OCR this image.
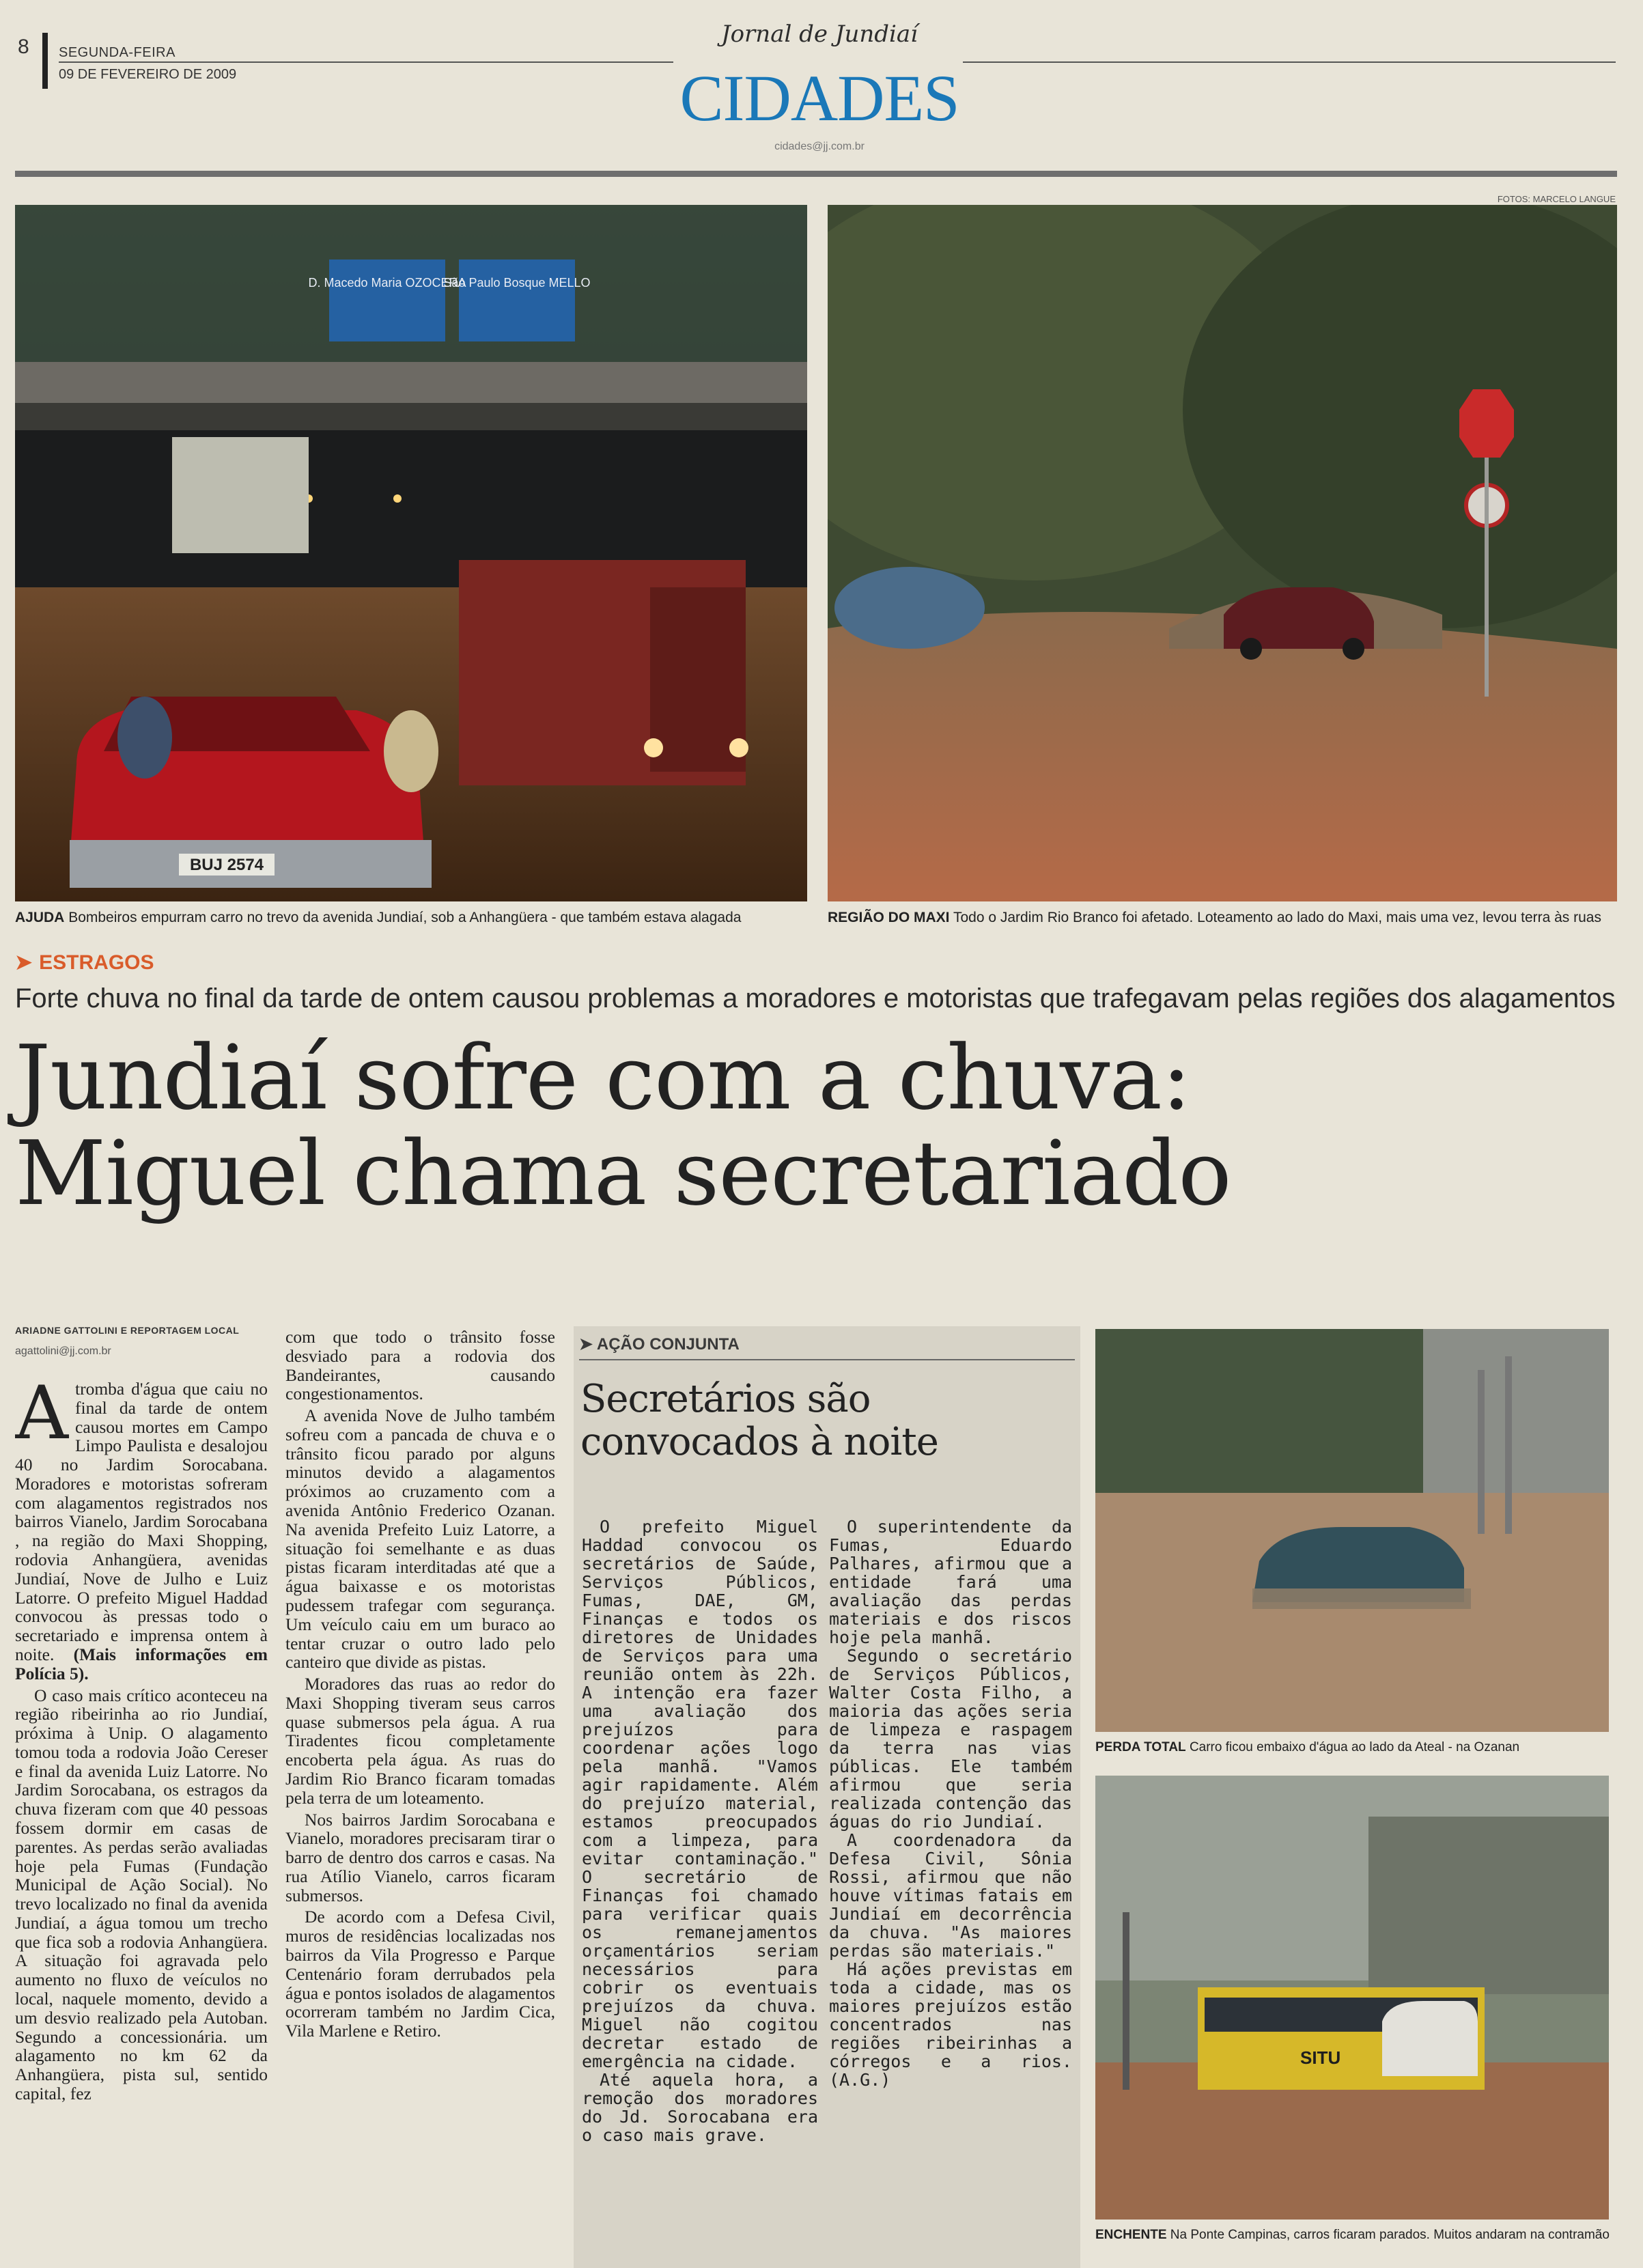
8 SEGUNDA-FEIRA
09 DE FEVEREIRO DE 2009
Jornal de Jundiaí
CIDADES
cidades@jj.com.br
FOTOS: MARCELO LANGUE
D. Macedo Maria OZOCERA
São Paulo Bosque MELLO
BUJ 2574
AJUDA Bombeiros empurram carro no trevo da avenida Jundiaí, sob a Anhangüera - que também estava alagada	REGIÃO DO MAXI Todo o Jardim Rio Branco foi afetado. Loteamento ao lado do Maxi, mais uma vez, levou terra às ruas
➤ ESTRAGOS
Forte chuva no final da tarde de ontem causou problemas a moradores e motoristas que trafegavam pelas regiões dos alagamentos
Jundiaí sofre com a chuva:
Miguel chama secretariado
ARIADNE GATTOLINI E REPORTAGEM LOCAL
agattolini@jj.com.br

Atromba d'água que caiu no final da tarde de ontem causou mortes em Campo Limpo Paulista e desalojou 40 no Jardim Sorocabana. Moradores e motoristas sofreram com alagamentos registrados nos bairros Vianelo, Jardim Sorocabana , na região do Maxi Shopping, rodovia Anhangüera, avenidas Jundiaí, Nove de Julho e Luiz Latorre. O prefeito Miguel Haddad convocou às pressas todo o secretariado e imprensa ontem à noite. (Mais informações em Polícia 5).

O caso mais crítico aconteceu na região ribeirinha ao rio Jundiaí, próxima à Unip. O alagamento tomou toda a rodovia João Cereser e final da avenida Luiz Latorre. No Jardim Sorocabana, os estragos da chuva fizeram com que 40 pessoas fossem dormir em casas de parentes. As perdas serão avaliadas hoje pela Fumas (Fundação Municipal de Ação Social). No trevo localizado no final da avenida Jundiaí, a água tomou um trecho que fica sob a rodovia Anhangüera. A situação foi agravada pelo aumento no fluxo de veículos no local, naquele momento, devido a um desvio realizado pela Autoban. Segundo a concessionária. um alagamento no km 62 da Anhangüera, pista sul, sentido capital, fez

com que todo o trânsito fosse desviado para a rodovia dos Bandeirantes, causando congestionamentos.

A avenida Nove de Julho também sofreu com a pancada de chuva e o trânsito ficou parado por alguns minutos devido a alagamentos próximos ao cruzamento com a avenida Antônio Frederico Ozanan. Na avenida Prefeito Luiz Latorre, a situação foi semelhante e as duas pistas ficaram interditadas até que a água baixasse e os motoristas pudessem trafegar com segurança. Um veículo caiu em um buraco ao tentar cruzar o outro lado pelo canteiro que divide as pistas.

Moradores das ruas ao redor do Maxi Shopping tiveram seus carros quase submersos pela água. A rua Tiradentes ficou completamente encoberta pela água. As ruas do Jardim Rio Branco ficaram tomadas pela terra de um loteamento.

Nos bairros Jardim Sorocabana e Vianelo, moradores precisaram tirar o barro de dentro dos carros e casas. Na rua Atílio Vianelo, carros ficaram submersos.

De acordo com a Defesa Civil, muros de residências localizadas nos bairros da Vila Progresso e Parque Centenário foram derrubados pela água e pontos isolados de alagamentos ocorreram também no Jardim Cica, Vila Marlene e Retiro.

➤ AÇÃO CONJUNTA
Secretários são
convocados à noite

O prefeito Miguel Haddad convocou os secretários de Saúde, Serviços Públicos, Fumas, DAE, GM, Finanças e todos os diretores de Unidades de Serviços para uma reunião ontem às 22h. A intenção era fazer uma avaliação dos prejuízos para coordenar ações logo pela manhã. "Vamos agir rapidamente. Além do prejuízo material, estamos preocupados com a limpeza, para evitar contaminação." O secretário de Finanças foi chamado para verificar quais os remanejamentos orçamentários seriam necessários para cobrir os eventuais prejuízos da chuva. Miguel não cogitou decretar estado de emergência na cidade.

Até aquela hora, a remoção dos moradores do Jd. Sorocabana era o caso mais grave.

O superintendente da Fumas, Eduardo Palhares, afirmou que a entidade fará uma avaliação das perdas materiais e dos riscos hoje pela manhã.

Segundo o secretário de Serviços Públicos, Walter Costa Filho, a maioria das ações seria de limpeza e raspagem da terra nas vias públicas. Ele também afirmou que seria realizada contenção das águas do rio Jundiaí.

A coordenadora da Defesa Civil, Sônia Rossi, afirmou que não houve vítimas fatais em Jundiaí em decorrência da chuva. "As maiores perdas são materiais."

Há ações previstas em toda a cidade, mas os maiores prejuízos estão concentrados nas regiões ribeirinhas a córregos e a rios. (A.G.)

PERDA TOTAL Carro ficou embaixo d'água ao lado da Ateal - na Ozanan
SITU
ENCHENTE Na Ponte Campinas, carros ficaram parados. Muitos andaram na contramão
